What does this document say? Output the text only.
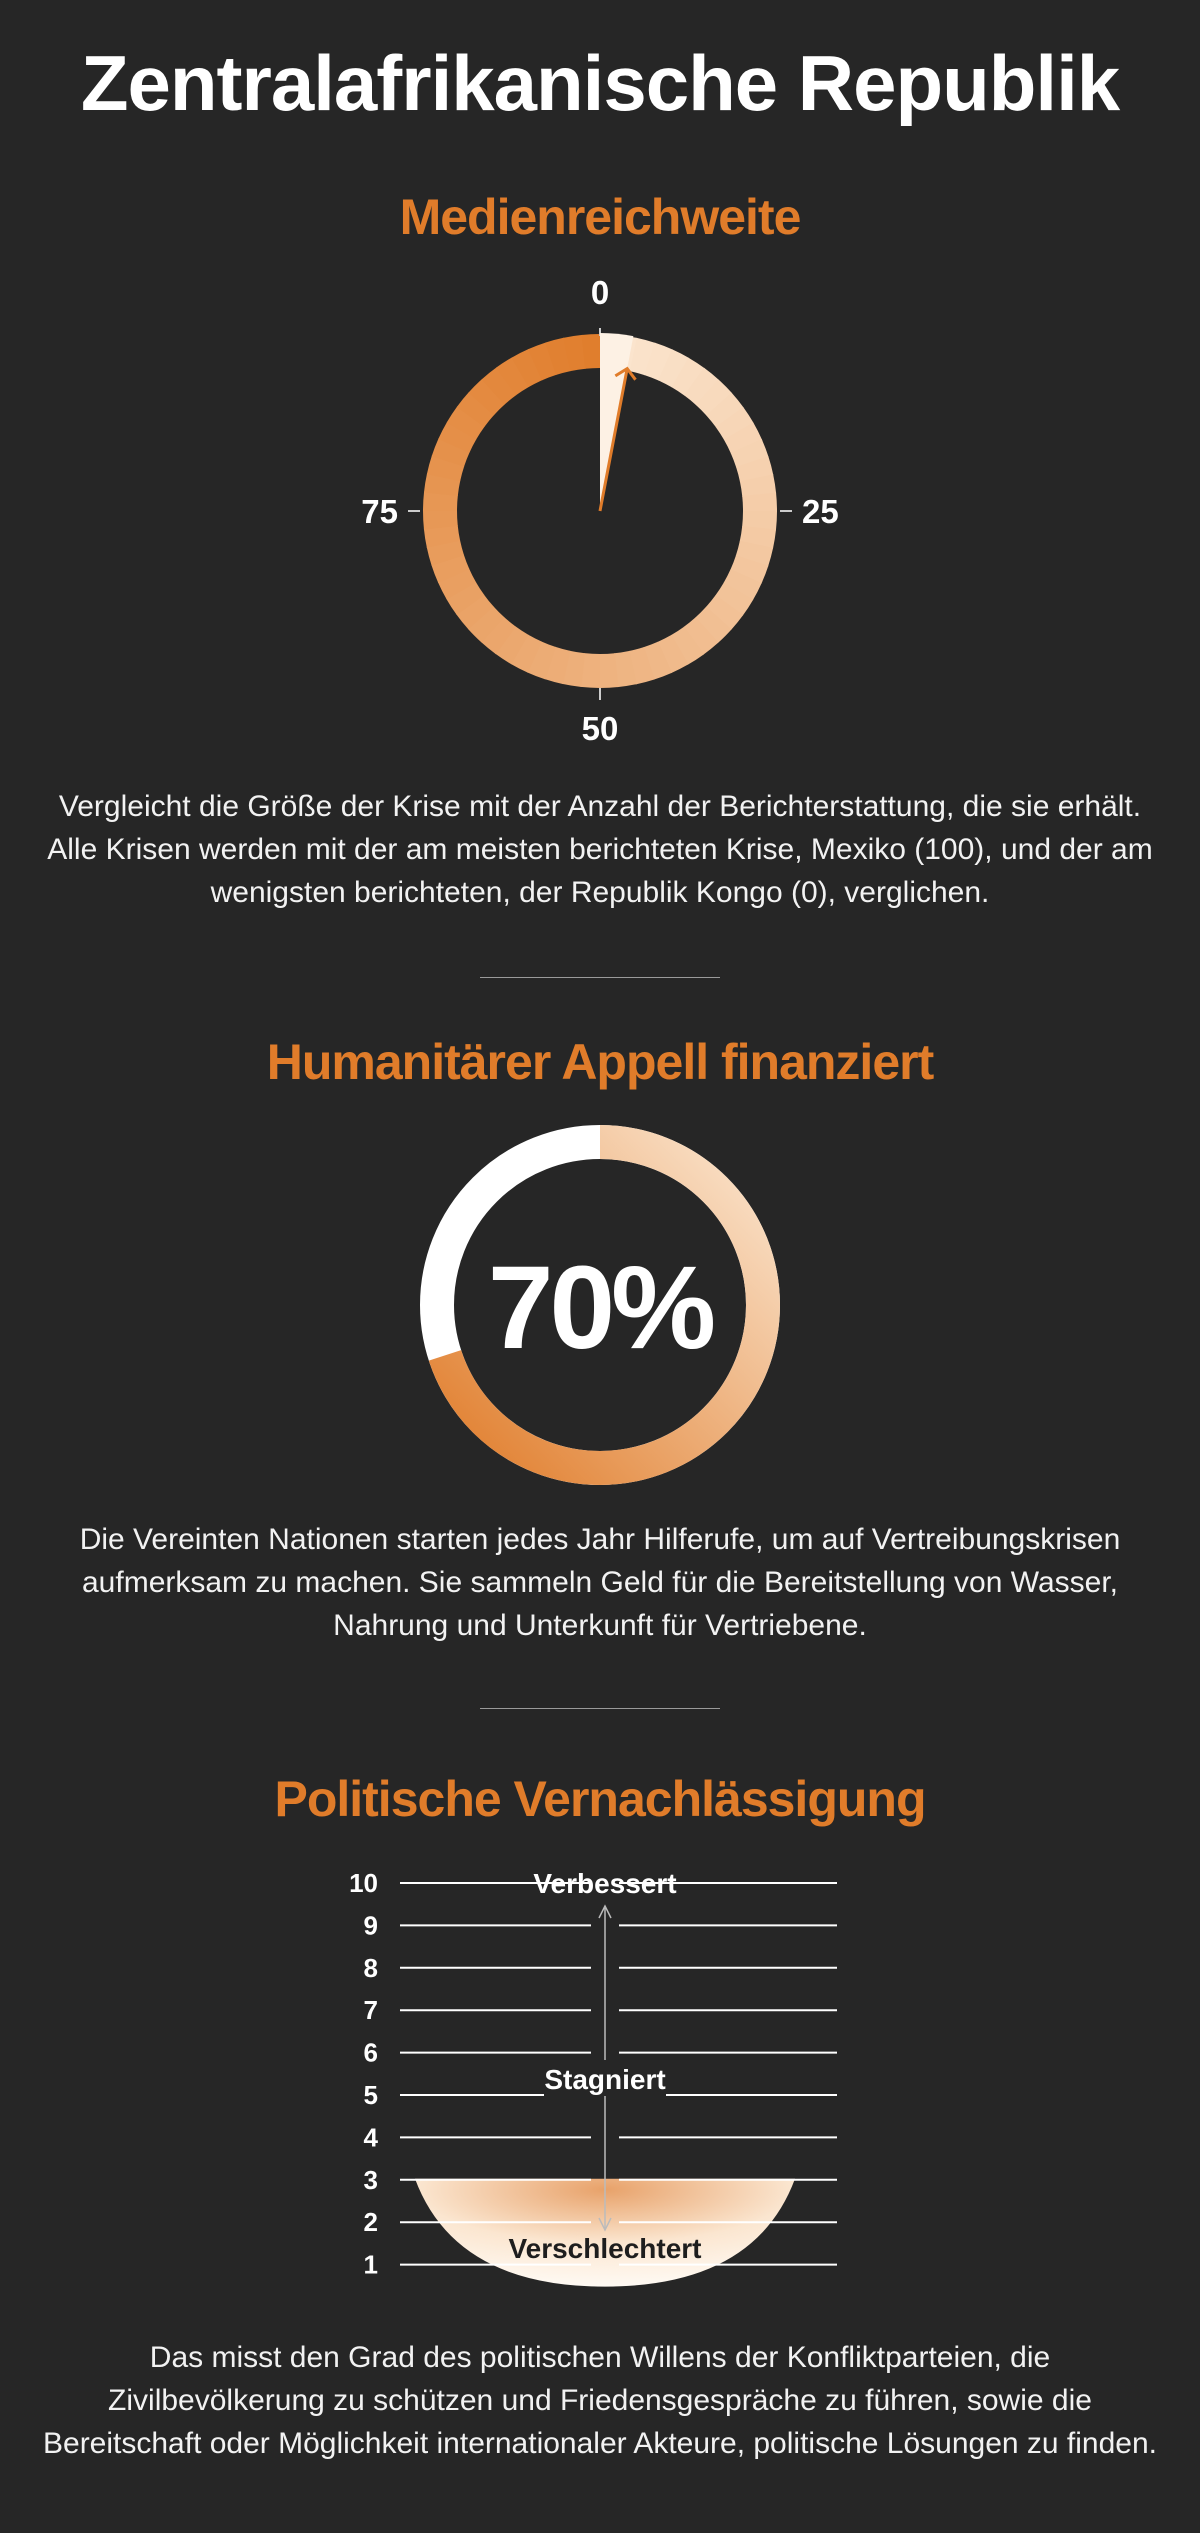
Zentralafrikanische Republik
Medienreichweite
0
25
50
75

Vergleicht die Größe der Krise mit der Anzahl der Berichterstattung, die sie erhält. Alle Krisen werden mit der am meisten berichteten Krise, Mexiko (100), und der am wenigsten berichteten, der Republik Kongo (0), verglichen.

Humanitärer Appell finanziert
70%

Die Vereinten Nationen starten jedes Jahr Hilferufe, um auf Vertreibungskrisen aufmerksam zu machen. Sie sammeln Geld für die Bereitstellung von Wasser, Nahrung und Unterkunft für Vertriebene.

Politische Vernachlässigung
10
9
8
7
6
5
4
3
2
1
Verbessert
Stagniert
Verschlechtert

Das misst den Grad des politischen Willens der Konfliktparteien, die Zivilbevölkerung zu schützen und Friedensgespräche zu führen, sowie die Bereitschaft oder Möglichkeit internationaler Akteure, politische Lösungen zu finden.
